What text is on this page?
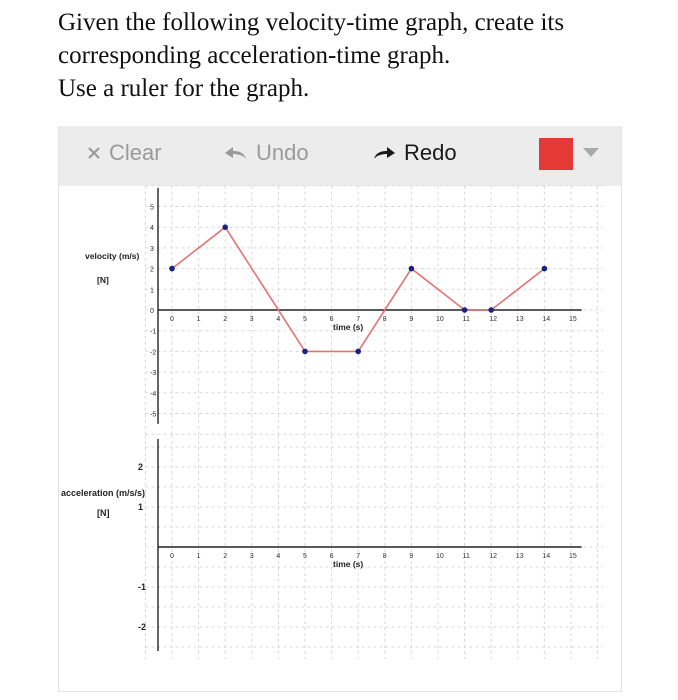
Given the following velocity-time graph, create its
corresponding acceleration-time graph.
Use a ruler for the graph.
Clear	Undo	Redo
0	1	2	3	4	5	6	7	8	9	10	11	12	13	14	15
5
4
3
2
1
0
-1
-2
-3
-4
-5
0	1	2	3	4	5	6	7	8	9	10	11	12	13	14	15
2
1
-1
-2
velocity (m/s)
[N]
time (s)
acceleration (m/s/s)
[N]
time (s)
